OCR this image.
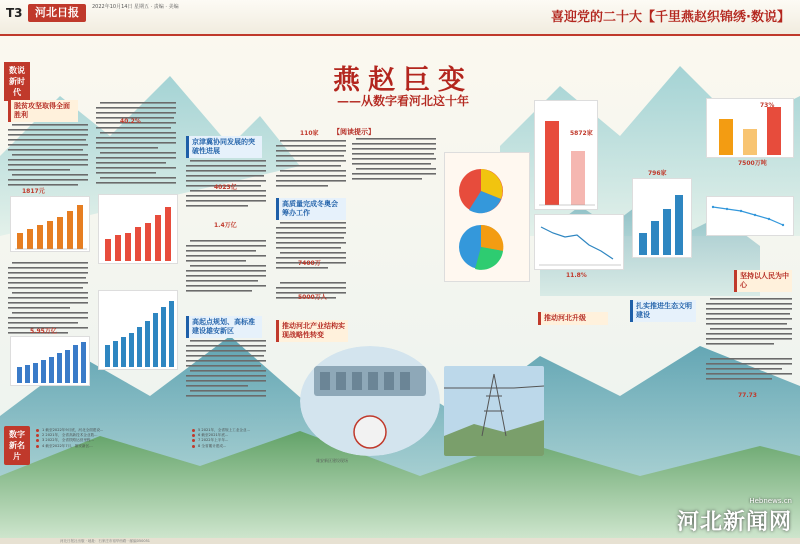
T3	河北日报	2022年10月14日 星期五 · 责编 · 美编
喜迎党的二十大【千里燕赵织锦绣·数说】
数说新时代
数字新名片
燕赵巨变
——从数字看河北这十年
脱贫攻坚取得全面胜利
京津冀协同发展的突破性进展
高起点规划、高标准建设雄安新区
高质量完成冬奥会筹办工作
推动河北产业结构实现战略性转变
扎实推进生态文明建设
推动河北升级
坚持以人民为中心
【阅读提示】
1817元
5.95万亿
40.2%
4023亿
1.4万亿
110家
5000万人
7400万
5872家
11.8%
796家
7500万吨
73%
77.73
雄安新区建设现场
1 截至2022年9月底，河北全面建设...
2 2021年，全省高新技术企业数...
3 2022年，全省铁路运营里程...
4 截至2022年7月，雄安新区...
5 2021年，全省规上工业企业...
6 截至2021年底...
7 2022年上半年...
8 全省累计建成...
Hebnews.cn
河北新闻网
河北日报社出版 · 地址：石家庄市裕华西路 · 邮编050051
